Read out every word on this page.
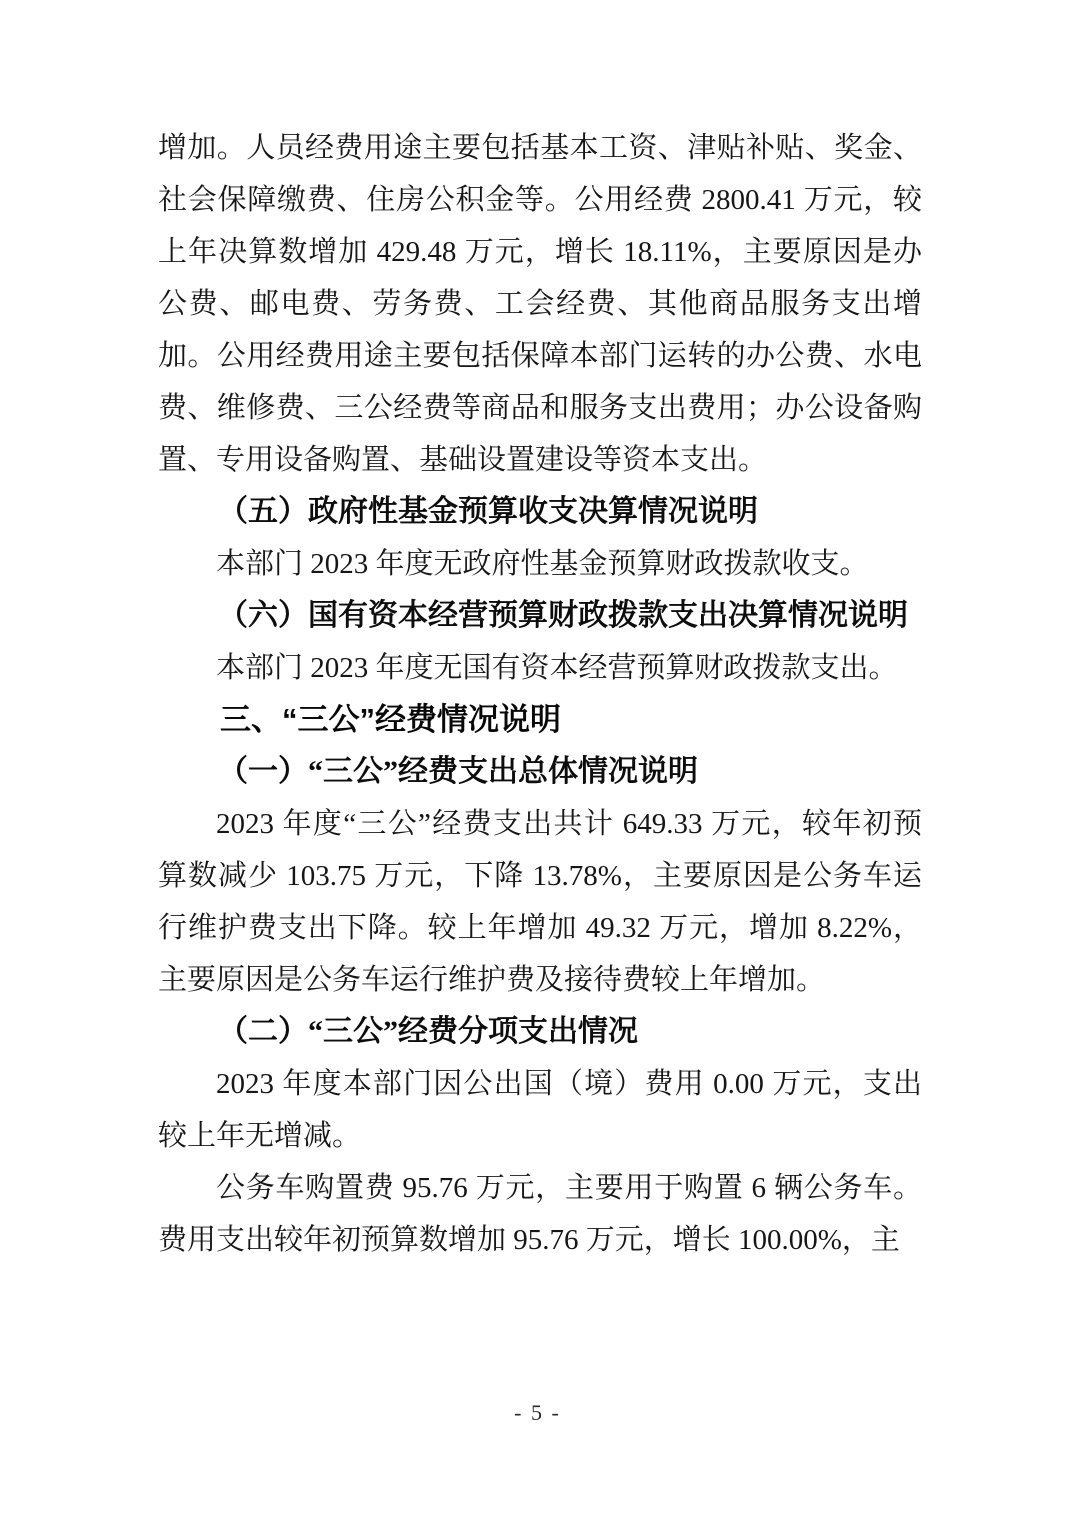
增加。人员经费用途主要包括基本工资、津贴补贴、奖金、社会保障缴费、住房公积金等。公用经费 2800.41 万元，较上年决算数增加 429.48 万元，增长 18.11%，主要原因是办公费、邮电费、劳务费、工会经费、其他商品服务支出增加。公用经费用途主要包括保障本部门运转的办公费、水电费、维修费、三公经费等商品和服务支出费用；办公设备购置、专用设备购置、基础设置建设等资本支出。

（五）政府性基金预算收支决算情况说明

本部门 2023 年度无政府性基金预算财政拨款收支。

（六）国有资本经营预算财政拨款支出决算情况说明

本部门 2023 年度无国有资本经营预算财政拨款支出。

三、“三公”经费情况说明

（一）“三公”经费支出总体情况说明

2023 年度“三公”经费支出共计 649.33 万元，较年初预算数减少 103.75 万元，下降 13.78%，主要原因是公务车运行维护费支出下降。较上年增加 49.32 万元，增加 8.22%，主要原因是公务车运行维护费及接待费较上年增加。

（二）“三公”经费分项支出情况

2023 年度本部门因公出国（境）费用 0.00 万元，支出较上年无增减。

公务车购置费 95.76 万元，主要用于购置 6 辆公务车。费用支出较年初预算数增加 95.76 万元，增长 100.00%，主

- 5 -
